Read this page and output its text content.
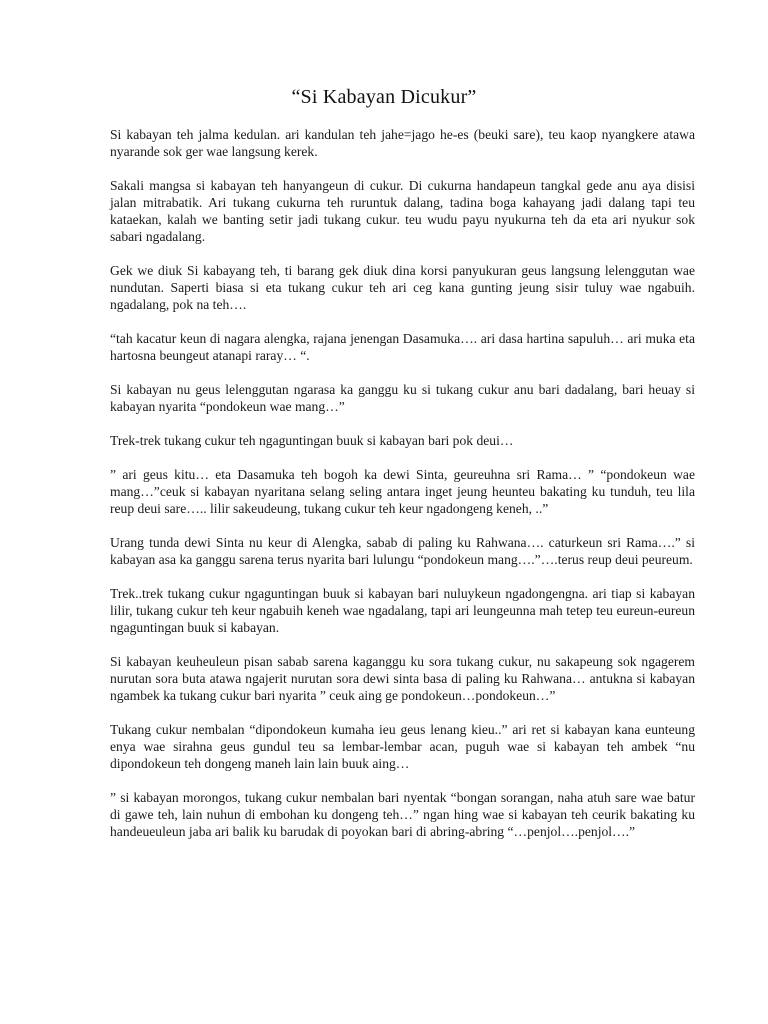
“Si Kabayan Dicukur”

Si kabayan teh jalma kedulan. ari kandulan teh jahe=jago he-es (beuki sare), teu kaop nyangkere atawa nyarande sok ger wae langsung kerek.

Sakali mangsa si kabayan teh hanyangeun di cukur. Di cukurna handapeun tangkal gede anu aya disisi jalan mitrabatik. Ari tukang cukurna teh ruruntuk dalang, tadina boga kahayang jadi dalang tapi teu kataekan, kalah we banting setir jadi tukang cukur. teu wudu payu nyukurna teh da eta ari nyukur sok sabari ngadalang.

Gek we diuk Si kabayang teh, ti barang gek diuk dina korsi panyukuran geus langsung lelenggutan wae nundutan. Saperti biasa si eta tukang cukur teh ari ceg kana gunting jeung sisir tuluy wae ngabuih. ngadalang, pok na teh….

“tah kacatur keun di nagara alengka, rajana jenengan Dasamuka…. ari dasa hartina sapuluh… ari muka eta hartosna beungeut atanapi raray… “.

Si kabayan nu geus lelenggutan ngarasa ka ganggu ku si tukang cukur anu bari dadalang, bari heuay si kabayan nyarita “pondokeun wae mang…”

Trek-trek tukang cukur teh ngaguntingan buuk si kabayan bari pok deui…

” ari geus kitu… eta Dasamuka teh bogoh ka dewi Sinta, geureuhna sri Rama… ” “pondokeun wae mang…”ceuk si kabayan nyaritana selang seling antara inget jeung heunteu bakating ku tunduh, teu lila reup deui sare….. lilir sakeudeung, tukang cukur teh keur ngadongeng keneh, ..”

Urang tunda dewi Sinta nu keur di Alengka, sabab di paling ku Rahwana…. caturkeun sri Rama….” si kabayan asa ka ganggu sarena terus nyarita bari lulungu “pondokeun mang….”….terus reup deui peureum.

Trek..trek tukang cukur ngaguntingan buuk si kabayan bari nuluykeun ngadongengna. ari tiap si kabayan lilir, tukang cukur teh keur ngabuih keneh wae ngadalang, tapi ari leungeunna mah tetep teu eureun-eureun ngaguntingan buuk si kabayan.

Si kabayan keuheuleun pisan sabab sarena kaganggu ku sora tukang cukur, nu sakapeung sok ngagerem nurutan sora buta atawa ngajerit nurutan sora dewi sinta basa di paling ku Rahwana… antukna si kabayan ngambek ka tukang cukur bari nyarita ” ceuk aing ge pondokeun…pondokeun…”

Tukang cukur nembalan “dipondokeun kumaha ieu geus lenang kieu..” ari ret si kabayan kana eunteung enya wae sirahna geus gundul teu sa lembar-lembar acan, puguh wae si kabayan teh ambek “nu dipondokeun teh dongeng maneh lain lain buuk aing…

” si kabayan morongos, tukang cukur nembalan bari nyentak “bongan sorangan, naha atuh sare wae batur di gawe teh, lain nuhun di embohan ku dongeng teh…” ngan hing wae si kabayan teh ceurik bakating ku handeueuleun jaba ari balik ku barudak di poyokan bari di abring-abring “…penjol….penjol….”
